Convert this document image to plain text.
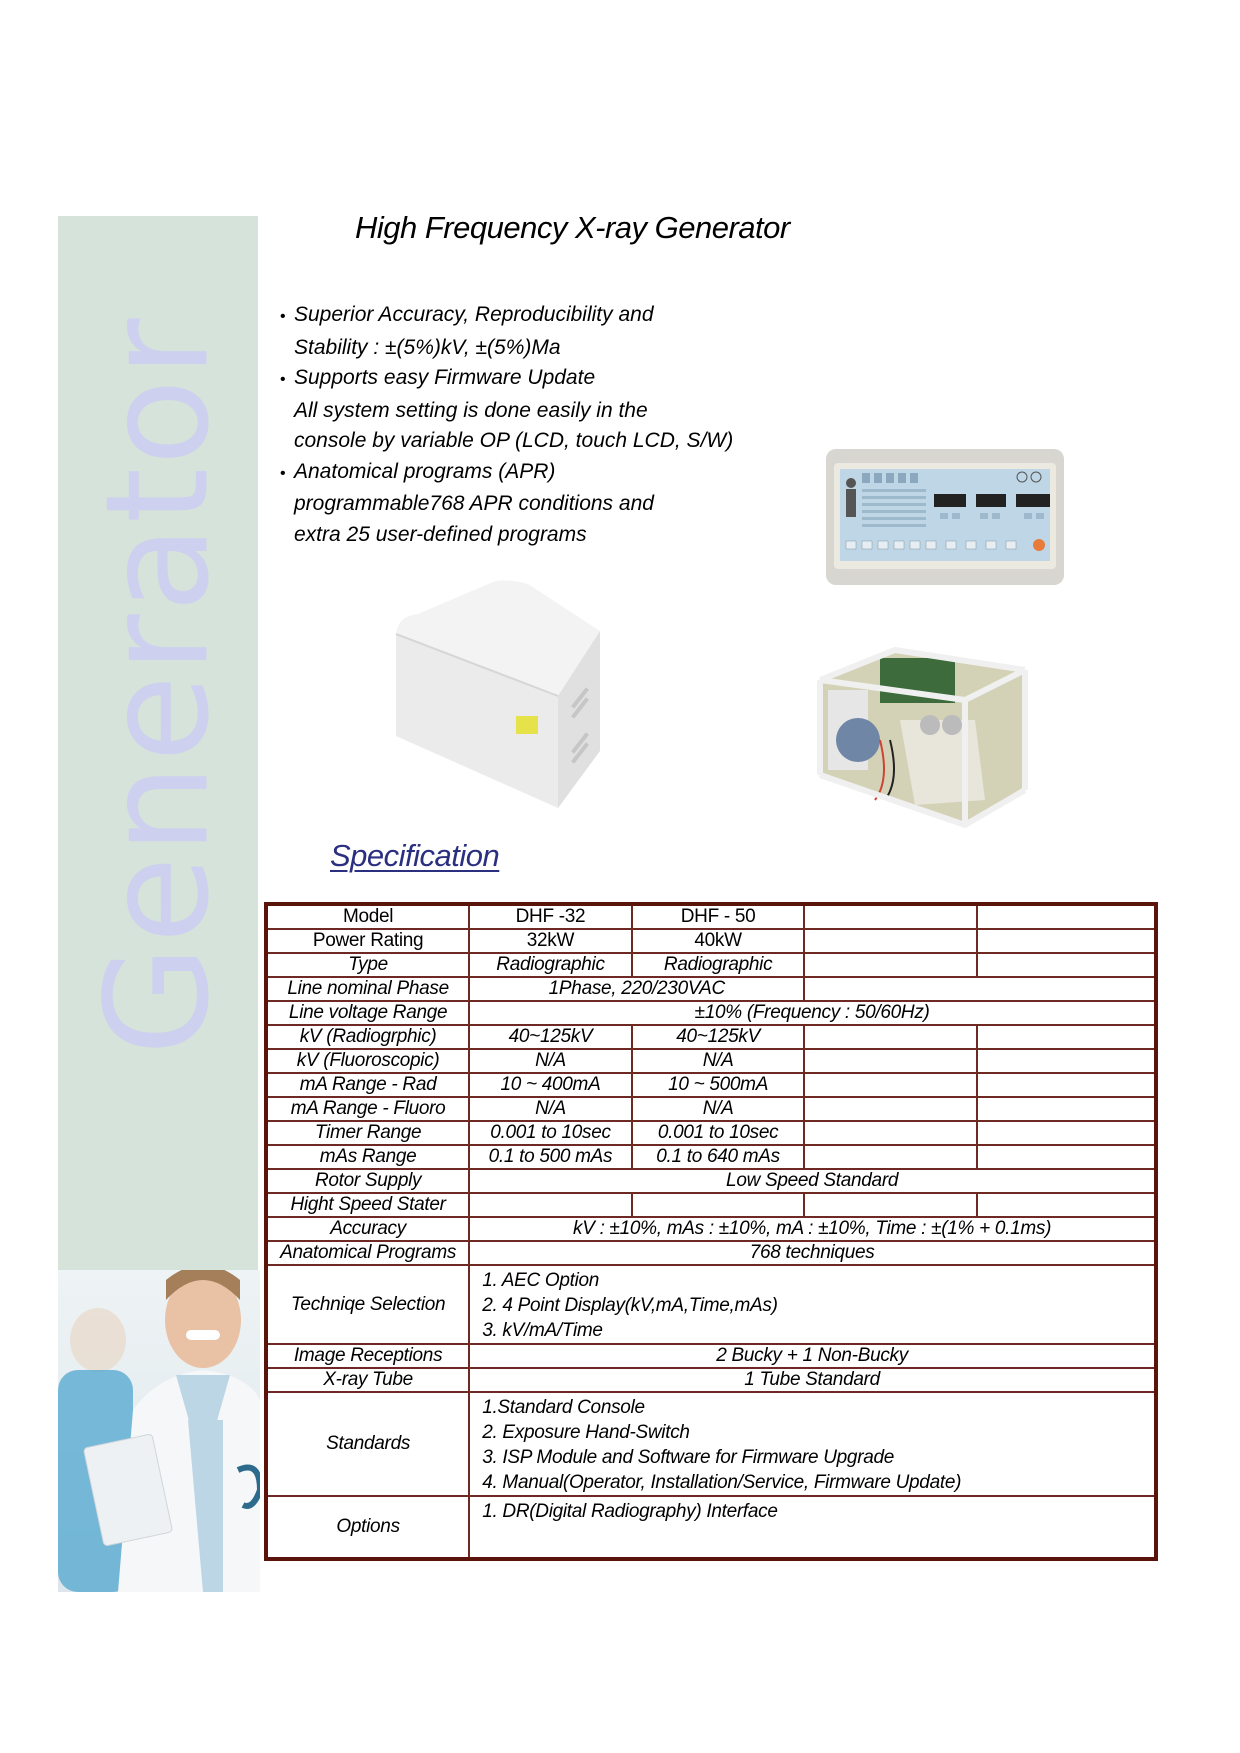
Generator
High Frequency X-ray Generator
• Superior Accuracy, Reproducibility and
Stability : ±(5%)kV, ±(5%)Ma
• Supports easy Firmware Update
All system setting is done easily in the
console by variable OP (LCD, touch LCD, S/W)
• Anatomical programs (APR)
programmable768 APR conditions and
extra 25 user-defined programs
Specification
Model	DHF -32	DHF - 50		
Power Rating	32kW	40kW		
Type	Radiographic	Radiographic		
Line nominal Phase	1Phase, 220/230VAC			
Line voltage Range	±10% (Frequency : 50/60Hz)			
kV (Radiogrphic)	40~125kV	40~125kV		
kV (Fluoroscopic)	N/A	N/A		
mA Range - Rad	10 ~ 400mA	10 ~ 500mA		
mA Range - Fluoro	N/A	N/A		
Timer Range	0.001 to 10sec	0.001 to 10sec		
mAs Range	0.1 to 500 mAs	0.1 to 640 mAs		
Rotor Supply	Low Speed Standard			
Hight Speed Stater				
Accuracy	kV : ±10%, mAs : ±10%, mA : ±10%, Time : ±(1% + 0.1ms)			
Anatomical Programs	768 techniques			
Techniqe Selection	1. AEC Option
2. 4 Point Display(kV,mA,Time,mAs)
3. kV/mA/Time			

Image Receptions	2 Bucky + 1 Non-Bucky			
X-ray Tube	1 Tube Standard			
Standards	1.Standard Console
2. Exposure Hand-Switch
3. ISP Module and Software for Firmware Upgrade
4. Manual(Operator, Installation/Service, Firmware Update)			

Options	1. DR(Digital Radiography) Interface			
